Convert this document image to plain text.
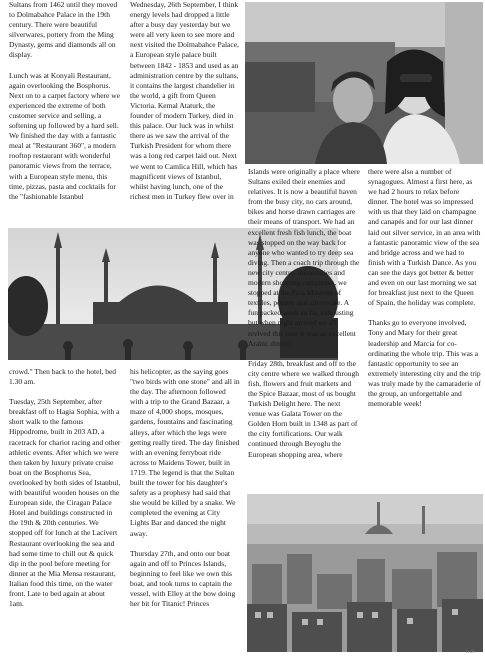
Sultans from 1462 until they moved to Dolmabahce Palace in the 19th century. There were beautiful silverwares, pottery from the Ming Dynasty, gems and diamonds all on display.

Lunch was at Konyali Restaurant, again overlooking the Bosphorus. Next on to a carpet factory where we experienced the extreme of both customer service and selling, a softening up followed by a hard sell. We finished the day with a fantastic meal at "Restaurant 360", a modern rooftop restaurant with wonderful panoramic views from the terrace, with a European style menu, this time, pizzas, pasta and cocktails for the "fashionable Istanbul

Wednesday, 26th September, I think energy levels had dropped a little after a busy day yesterday but we were all very keen to see more and next visited the Dolmabahce Palace, a European style palace built between 1842 - 1853 and used as an administration centre by the sultans, it contains the largest chandelier in the world, a gift from Queen Victoria. Kemal Ataturk, the founder of modern Turkey, died in this palace. Our luck was in whilst there as we saw the arrival of the Turkish President for whom there was a long red carpet laid out. Next we went to Camlica Hill, which has magnificent views of Istanbul, whilst having lunch, one of the richest men in Turkey flew over in

crowd." Then back to the hotel, bed 1.30 am.

Tuesday, 25th September, after breakfast off to Hagia Sophia, with a short walk to the famous Hippodrome, built in 203 AD, a racetrack for chariot racing and other athletic events. After which we were then taken by luxury private cruise boat on the Bosphorus Sea, overlooked by both sides of Istanbul, with beautiful wooden houses on the European side, the Ciragan Palace Hotel and buildings constructed in the 19th & 20th centuries. We stopped off for lunch at the Lacivert Restaurant overlooking the sea and had some time to chill out & quick dip in the pool before meeting for dinner at the Mia Mensa restaurant, Italian food this time, on the water front. Late to bed again at about 1am.

his helicopter, as the saying goes "two birds with one stone" and all in the day. The afternoon followed with a trip to the Grand Bazaar, a maze of 4,000 shops, mosques, gardens, fountains and fascinating alleys, after which the legs were getting really tired. The day finished with an evening ferryboat ride across to Maidens Tower, built in 1719. The legend is that the Sultan built the tower for his daughter's safety as a prophesy had said that she would be killed by a snake. We completed the evening at City Lights Bar and danced the night away.

Thursday 27th, and onto our boat again and off to Princes Islands, beginning to feel like we own this boat, and took turns to captain the vessel, with Elley at the bow doing her bit for Titanic! Princes

Islands were originally a place where Sultans exiled their enemies and relatives. It is now a beautiful haven from the busy city, no cars around, bikes and horse drawn carriages are their means of transport. We had an excellent fresh fish lunch, the boat was stopped on the way back for anyone who wanted to try deep sea diving. Then a coach trip through the new city centre, universities and modern shopping complexes, we stopped at the Pera Museum of textiles, pottery and silverware. A fun packed week so far, exhausting but when night arrived we all revived this time it was an excellent Arabic dinner.

Friday 28th, breakfast and off to the city centre where we walked through fish, flowers and fruit markets and the Spice Bazaar, most of us bought Turkish Delight here. The next venue was Galata Tower on the Golden Horn built in 1348 as part of the city fortifications. Our walk continued through Beyoglu the European shopping area, where

there were also a number of synagogues. Almost a first here, as we had 2 hours to relax before dinner. The hotel was so impressed with us that they laid on champagne and canapés and for our last dinner laid out silver service, in an area with a fantastic panoramic view of the sea and bridge across and we had to finish with a Turkish Dance. As you can see the days got better & better and even on our last morning we sat for breakfast just next to the Queen of Spain, the holiday was complete.

Thanks go to everyone involved, Tony and Mary for their great leadership and Marcia for co-ordinating the whole trip. This was a fantastic opportunity to see an extremely interesting city and the trip was truly made by the camaraderie of the group, an unforgettable and memorable week!

11-20
